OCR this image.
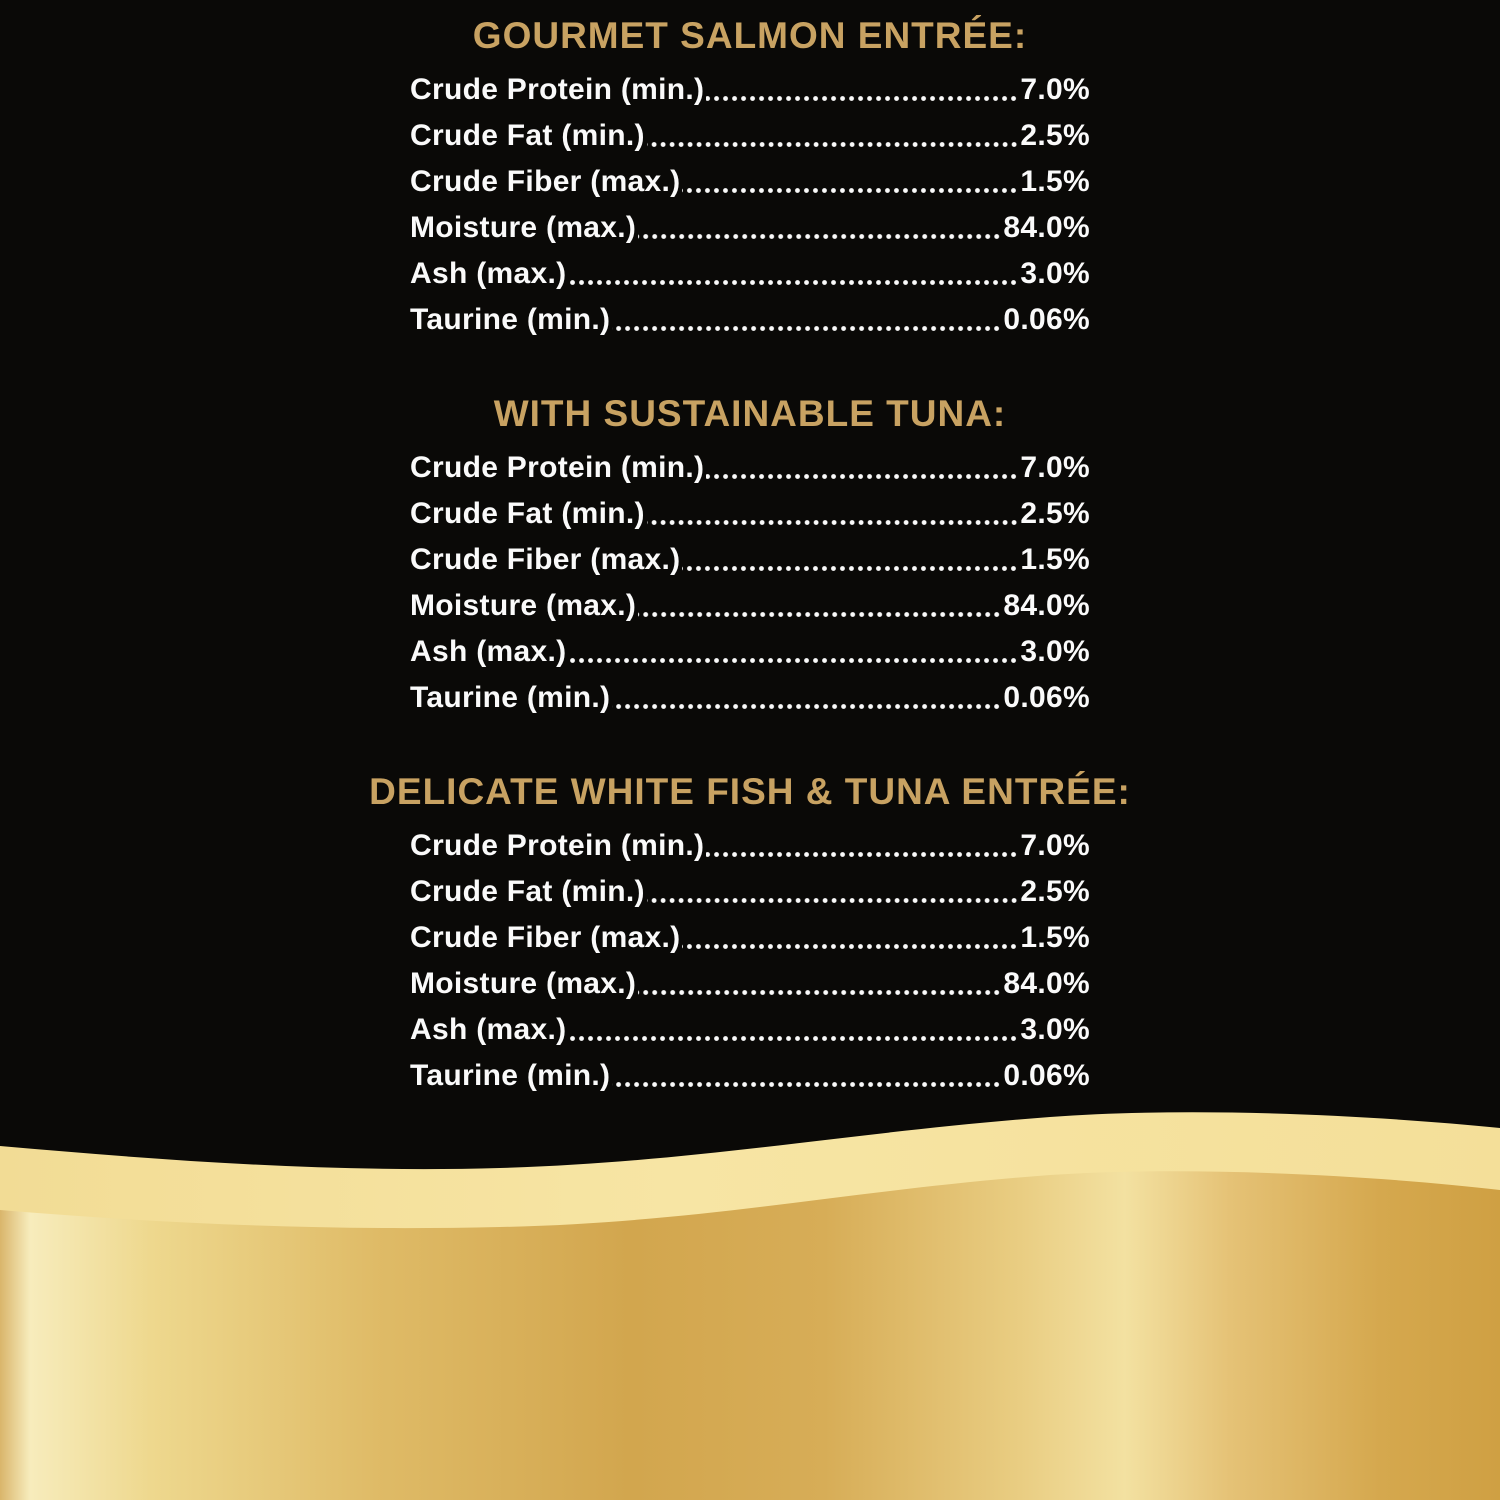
GOURMET SALMON ENTRÉE:
Crude Protein (min.)	7.0%
Crude Fat (min.)	2.5%
Crude Fiber (max.)	1.5%
Moisture (max.)	84.0%
Ash (max.)	3.0%
Taurine (min.)	0.06%
WITH SUSTAINABLE TUNA:
Crude Protein (min.)	7.0%
Crude Fat (min.)	2.5%
Crude Fiber (max.)	1.5%
Moisture (max.)	84.0%
Ash (max.)	3.0%
Taurine (min.)	0.06%
DELICATE WHITE FISH & TUNA ENTRÉE:
Crude Protein (min.)	7.0%
Crude Fat (min.)	2.5%
Crude Fiber (max.)	1.5%
Moisture (max.)	84.0%
Ash (max.)	3.0%
Taurine (min.)	0.06%
